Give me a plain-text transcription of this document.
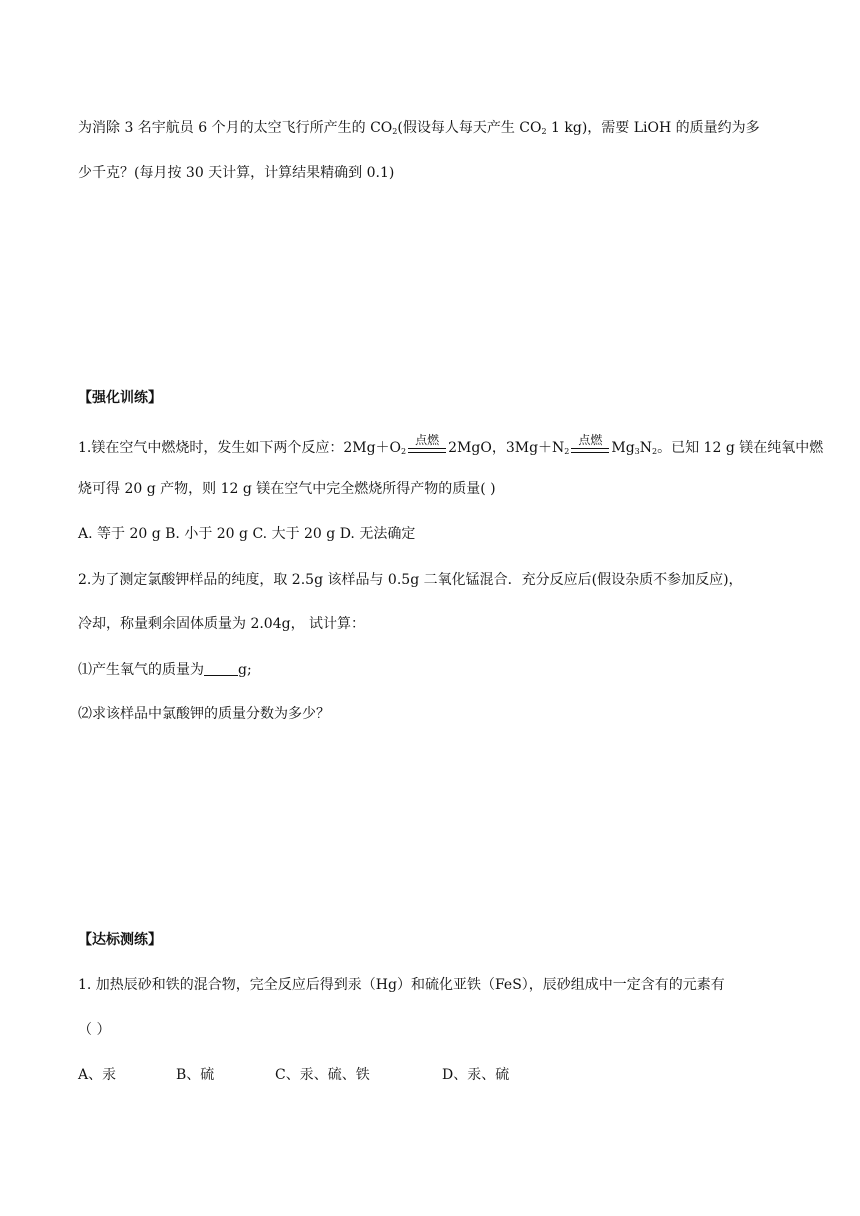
为消除 3 名宇航员 6 个月的太空飞行所产生的 $CO_2$(假设每人每天产生 $CO_2$ 1 kg)，需要 LiOH 的质量约为多
少千克？(每月按 30 天计算，计算结果精确到 0.1)
【强化训练】
1.镁在空气中燃烧时，发生如下两个反应：$2Mg+O_2$
点燃 2MgO，$3Mg+N_2$
点燃 $Mg_3N_2$。已知 12 g 镁在纯氧中燃
烧可得 20 g 产物，则 12 g 镁在空气中完全燃烧所得产物的质量( )
A. 等于 20 g B. 小于 20 g C. 大于 20 g D. 无法确定
2.为了测定氯酸钾样品的纯度，取 2.5g 该样品与 0.5g 二氧化锰混合．充分反应后(假设杂质不参加反应)，
冷却，称量剩余固体质量为 2.04g， 试计算：
⑴产生氧气的质量为 g;
⑵求该样品中氯酸钾的质量分数为多少？
【达标测练】
1. 加热辰砂和铁的混合物，完全反应后得到汞（Hg）和硫化亚铁（FeS），辰砂组成中一定含有的元素有
（ ）
A、汞	B、硫	C、汞、硫、铁	D、汞、硫
